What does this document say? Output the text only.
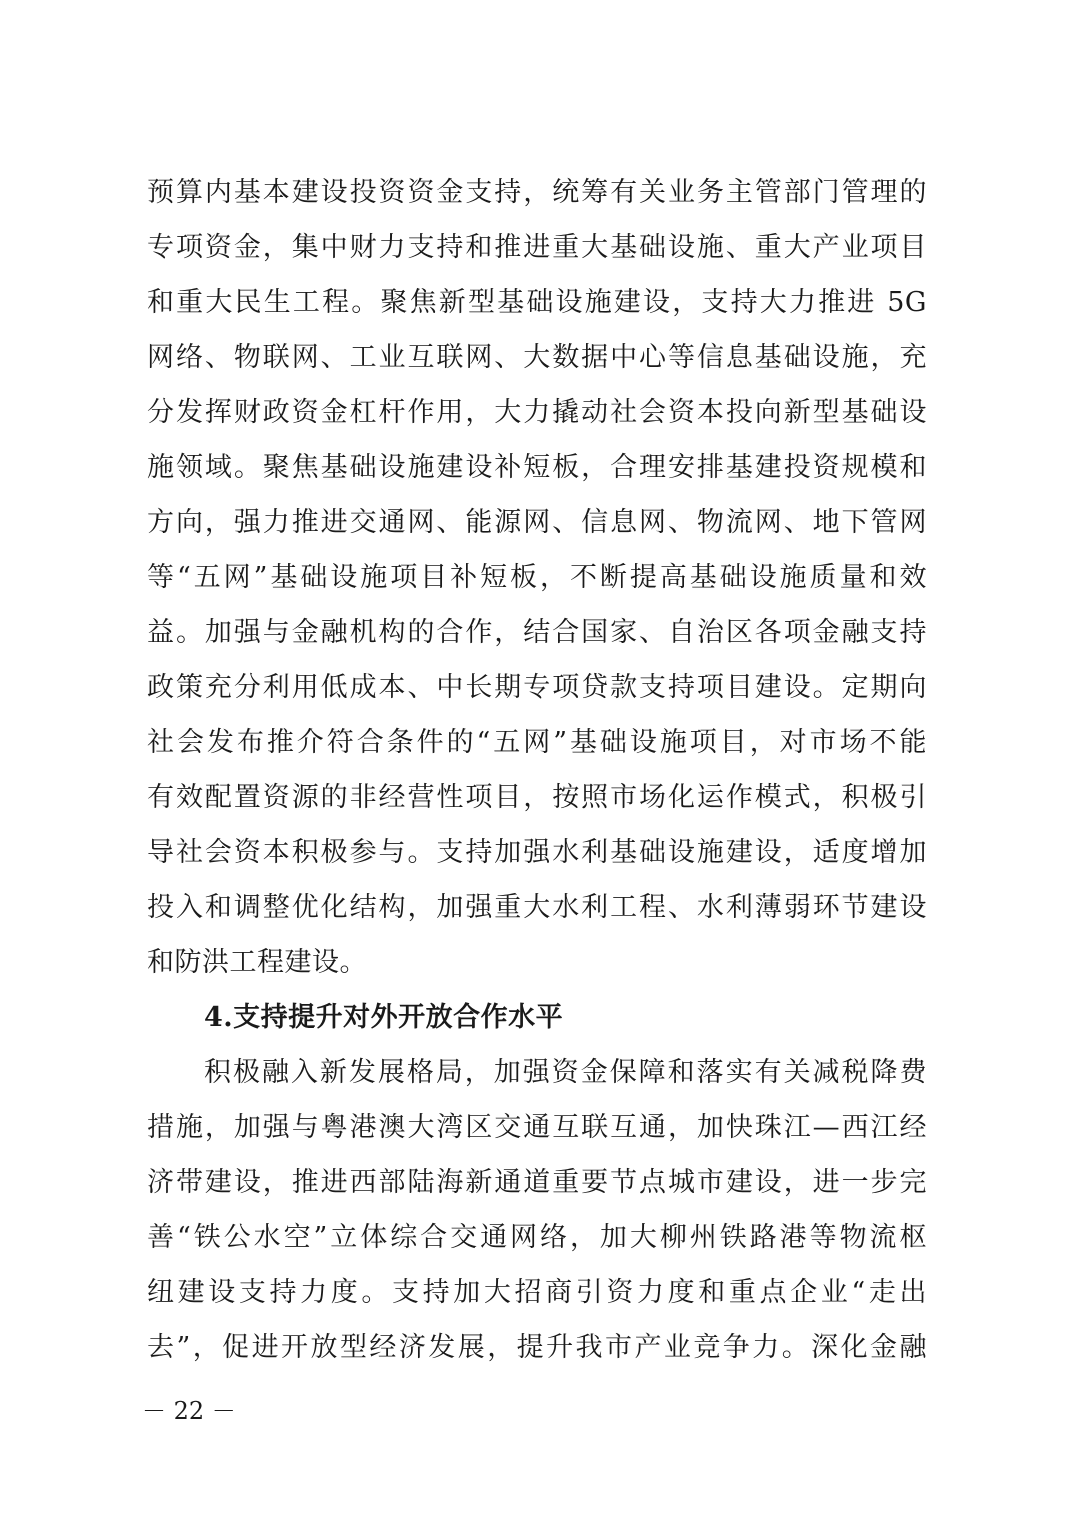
预算内基本建设投资资金支持，统筹有关业务主管部门管理的
专项资金，集中财力支持和推进重大基础设施、重大产业项目
和重大民生工程。聚焦新型基础设施建设，支持大力推进 5G
网络、物联网、工业互联网、大数据中心等信息基础设施，充
分发挥财政资金杠杆作用，大力撬动社会资本投向新型基础设
施领域。聚焦基础设施建设补短板，合理安排基建投资规模和
方向，强力推进交通网、能源网、信息网、物流网、地下管网
等“五网”基础设施项目补短板，不断提高基础设施质量和效
益。加强与金融机构的合作，结合国家、自治区各项金融支持
政策充分利用低成本、中长期专项贷款支持项目建设。定期向
社会发布推介符合条件的“五网”基础设施项目，对市场不能
有效配置资源的非经营性项目，按照市场化运作模式，积极引
导社会资本积极参与。支持加强水利基础设施建设，适度增加
投入和调整优化结构，加强重大水利工程、水利薄弱环节建设
和防洪工程建设。
4.支持提升对外开放合作水平
积极融入新发展格局，加强资金保障和落实有关减税降费
措施，加强与粤港澳大湾区交通互联互通，加快珠江—西江经
济带建设，推进西部陆海新通道重要节点城市建设，进一步完
善“铁公水空”立体综合交通网络，加大柳州铁路港等物流枢
纽建设支持力度。支持加大招商引资力度和重点企业“走出
去”，促进开放型经济发展，提升我市产业竞争力。深化金融
－ 22 －
